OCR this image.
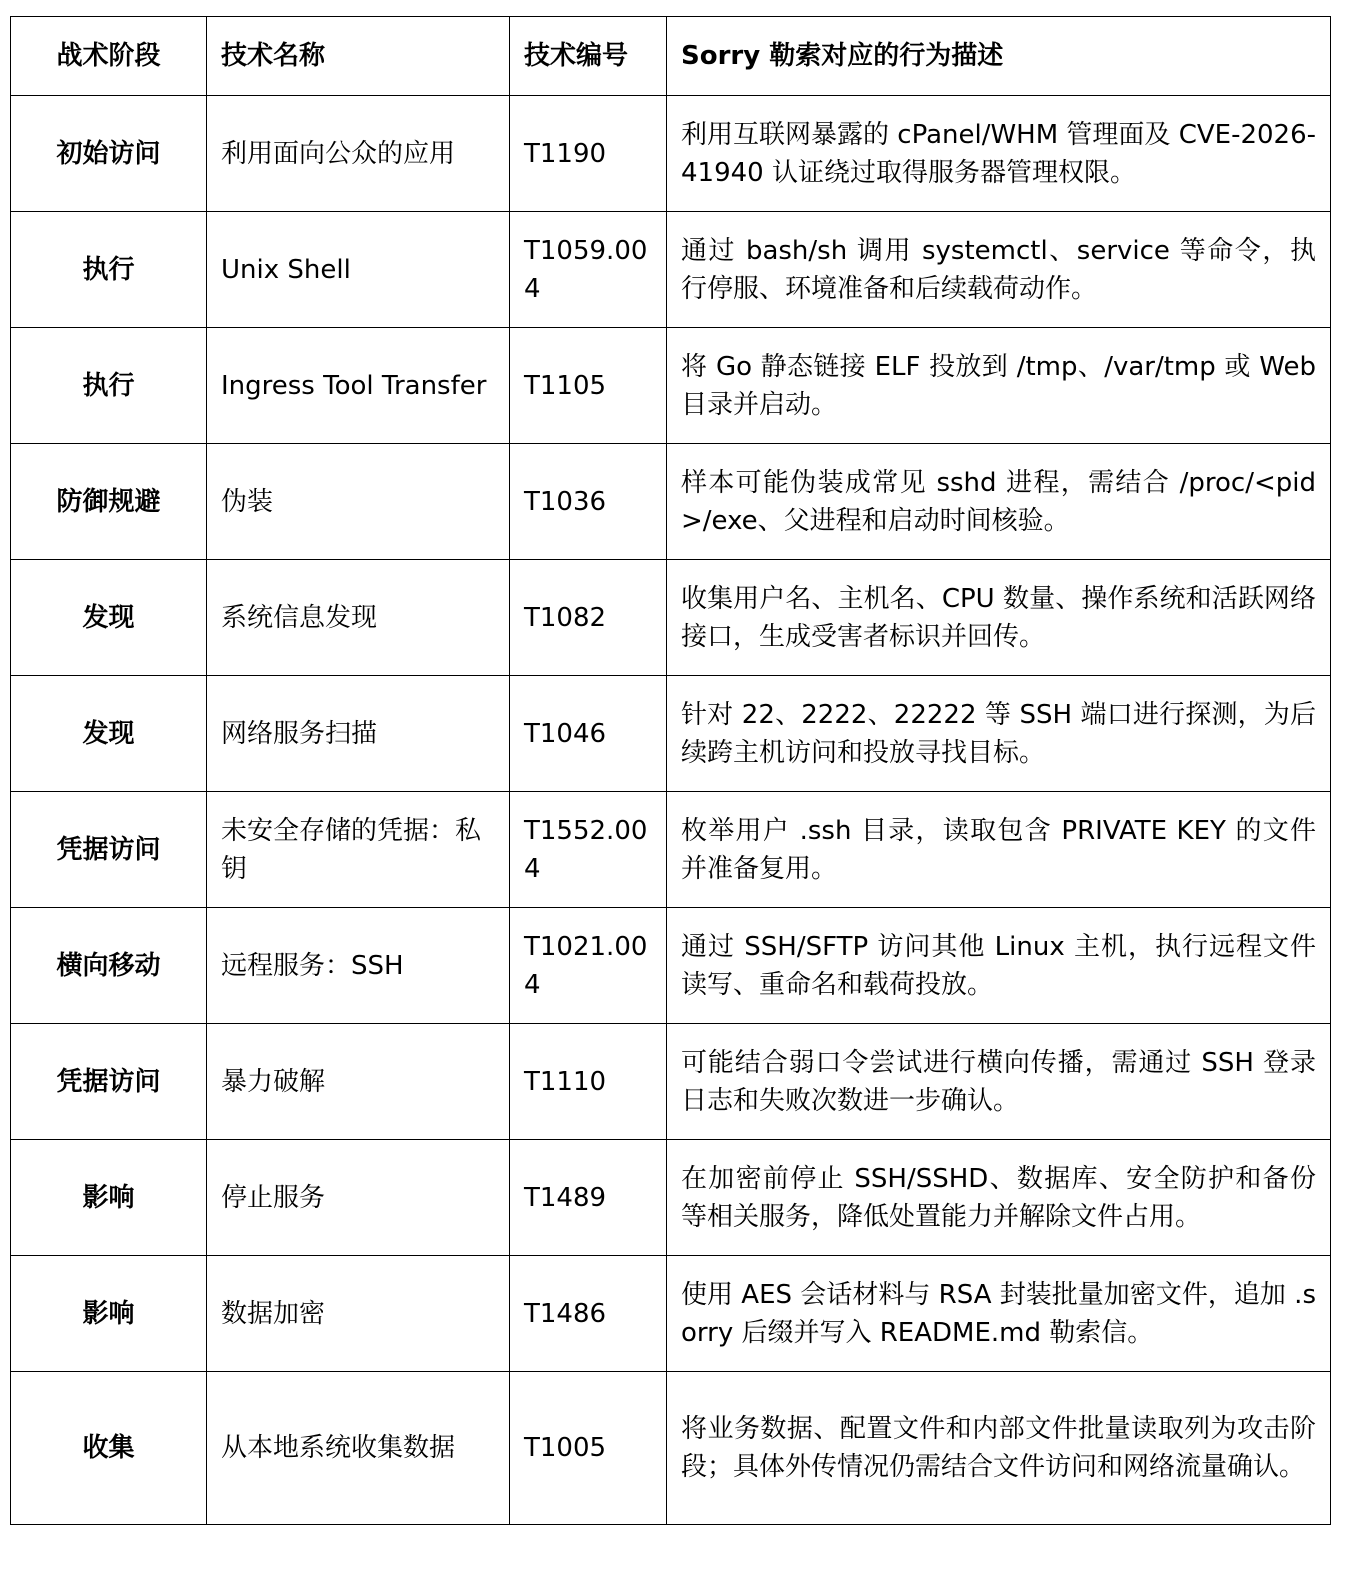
战术阶段	技术名称	技术编号	Sorry 勒索对应的行为描述
初始访问	利用面向公众的应用	T1190	利用互联网暴露的 cPanel/WHM 管理面及 CVE-2026-41940 认证绕过取得服务器管理权限。
执行	Unix Shell	T1059.004	通过 bash/sh 调用 systemctl、service 等命令，执行停服、环境准备和后续载荷动作。
执行	Ingress Tool Transfer	T1105	将 Go 静态链接 ELF 投放到 /tmp、/var/tmp 或 Web 目录并启动。
防御规避	伪装	T1036	样本可能伪装成常见 sshd 进程，需结合 /proc/<pid>/exe、父进程和启动时间核验。
发现	系统信息发现	T1082	收集用户名、主机名、CPU 数量、操作系统和活跃网络接口，生成受害者标识并回传。
发现	网络服务扫描	T1046	针对 22、2222、22222 等 SSH 端口进行探测，为后续跨主机访问和投放寻找目标。
凭据访问	未安全存储的凭据：私钥	T1552.004	枚举用户 .ssh 目录，读取包含 PRIVATE KEY 的文件并准备复用。
横向移动	远程服务：SSH	T1021.004	通过 SSH/SFTP 访问其他 Linux 主机，执行远程文件读写、重命名和载荷投放。
凭据访问	暴力破解	T1110	可能结合弱口令尝试进行横向传播，需通过 SSH 登录日志和失败次数进一步确认。
影响	停止服务	T1489	在加密前停止 SSH/SSHD、数据库、安全防护和备份等相关服务，降低处置能力并解除文件占用。
影响	数据加密	T1486	使用 AES 会话材料与 RSA 封装批量加密文件，追加 .sorry 后缀并写入 README.md 勒索信。
收集	从本地系统收集数据	T1005	将业务数据、配置文件和内部文件批量读取列为攻击阶段；具体外传情况仍需结合文件访问和网络流量确认。
